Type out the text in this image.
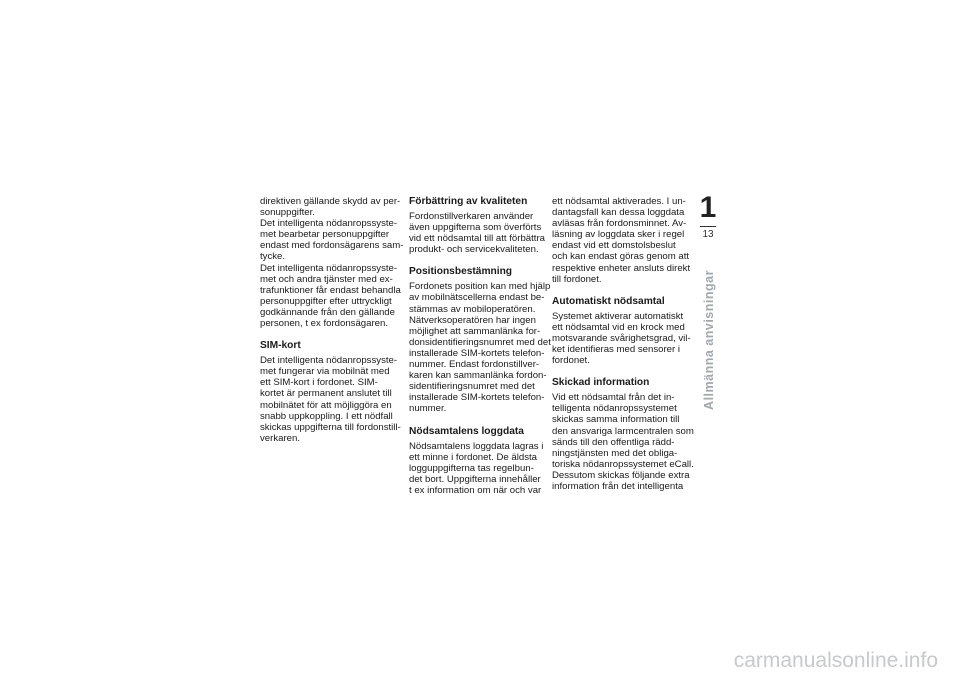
direktiven gällande skydd av per-
sonuppgifter.

Det intelligenta nödanropssyste-
met bearbetar personuppgifter
endast med fordonsägarens sam-
tycke.

Det intelligenta nödanropssyste-
met och andra tjänster med ex-
trafunktioner får endast behandla
personuppgifter efter uttryckligt
godkännande från den gällande
personen, t ex fordonsägaren.

SIM-kort

Det intelligenta nödanropssyste-
met fungerar via mobilnät med
ett SIM-kort i fordonet. SIM-
kortet är permanent anslutet till
mobilnätet för att möjliggöra en
snabb uppkoppling. I ett nödfall
skickas uppgifterna till fordonstill-
verkaren.

Förbättring av kvaliteten

Fordonstillverkaren använder
även uppgifterna som överförts
vid ett nödsamtal till att förbättra
produkt- och servicekvaliteten.

Positionsbestämning

Fordonets position kan med hjälp
av mobilnätscellerna endast be-
stämmas av mobiloperatören.
Nätverksoperatören har ingen
möjlighet att sammanlänka for-
donsidentifieringsnumret med det
installerade SIM-kortets telefon-
nummer. Endast fordonstillver-
karen kan sammanlänka fordon-
sidentifieringsnumret med det
installerade SIM-kortets telefon-
nummer.

Nödsamtalens loggdata

Nödsamtalens loggdata lagras i
ett minne i fordonet. De äldsta
logguppgifterna tas regelbun-
det bort. Uppgifterna innehåller
t ex information om när och var

ett nödsamtal aktiverades. I un-
dantagsfall kan dessa loggdata
avläsas från fordonsminnet. Av-
läsning av loggdata sker i regel
endast vid ett domstolsbeslut
och kan endast göras genom att
respektive enheter ansluts direkt
till fordonet.

Automatiskt nödsamtal

Systemet aktiverar automatiskt
ett nödsamtal vid en krock med
motsvarande svårighetsgrad, vil-
ket identifieras med sensorer i
fordonet.

Skickad information

Vid ett nödsamtal från det in-
telligenta nödanropssystemet
skickas samma information till
den ansvariga larmcentralen som
sänds till den offentliga rädd-
ningstjänsten med det obliga-
toriska nödanropssystemet eCall.
Dessutom skickas följande extra
information från det intelligenta

1
13
Allmänna anvisningar
carmanualsonline.info
